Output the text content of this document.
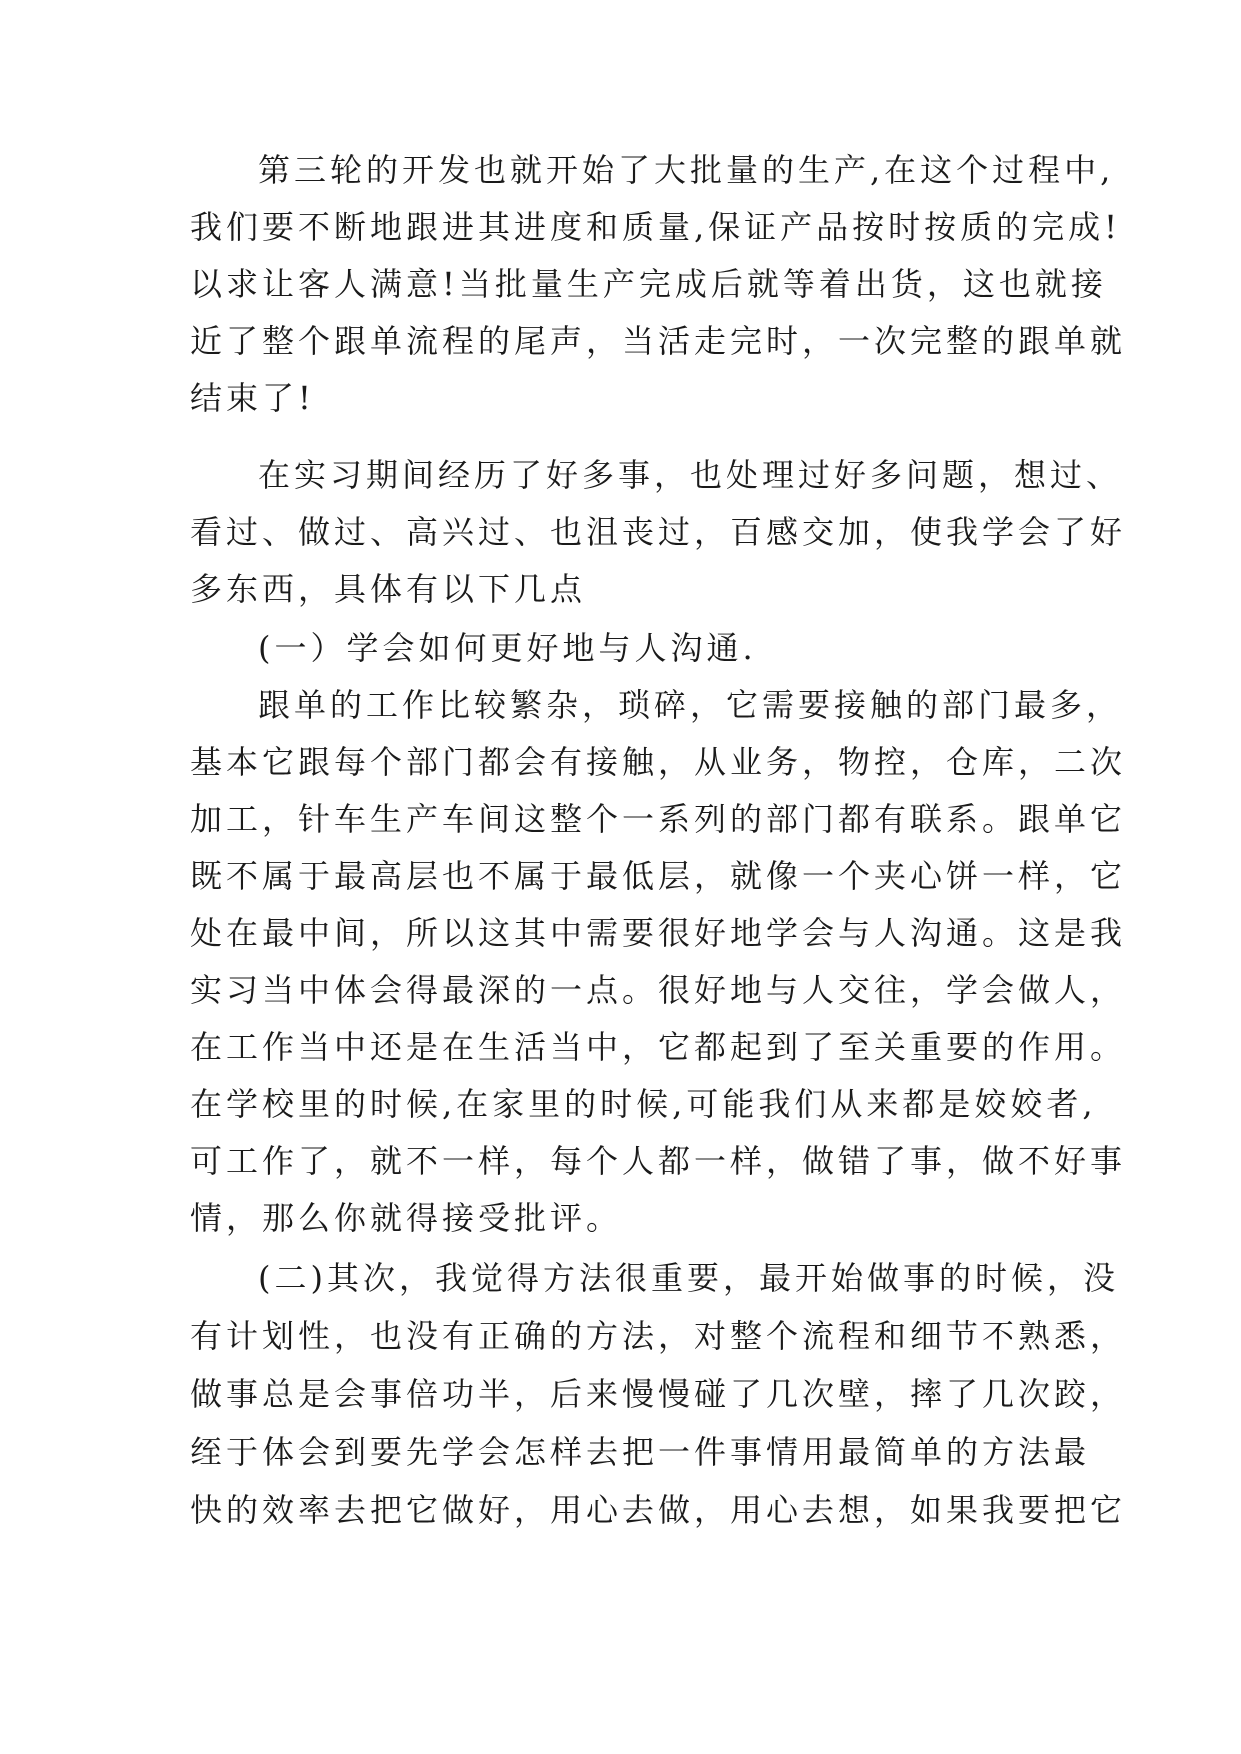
第三轮的开发也就开始了大批量的生产,在这个过程中,

我们要不断地跟进其进度和质量,保证产品按时按质的完成!

以求让客人满意!当批量生产完成后就等着出货，这也就接

近了整个跟单流程的尾声，当活走完时，一次完整的跟单就

结束了!

在实习期间经历了好多事，也处理过好多问题，想过、

看过、做过、高兴过、也沮丧过，百感交加，使我学会了好

多东西，具体有以下几点

(一）学会如何更好地与人沟通.

跟单的工作比较繁杂，琐碎，它需要接触的部门最多，

基本它跟每个部门都会有接触，从业务，物控，仓库，二次

加工，针车生产车间这整个一系列的部门都有联系。跟单它

既不属于最高层也不属于最低层，就像一个夹心饼一样，它

处在最中间，所以这其中需要很好地学会与人沟通。这是我

实习当中体会得最深的一点。很好地与人交往，学会做人，

在工作当中还是在生活当中，它都起到了至关重要的作用。

在学校里的时候,在家里的时候,可能我们从来都是姣姣者,

可工作了，就不一样，每个人都一样，做错了事，做不好事

情，那么你就得接受批评。

(二)其次，我觉得方法很重要，最开始做事的时候，没

有计划性，也没有正确的方法，对整个流程和细节不熟悉，

做事总是会事倍功半，后来慢慢碰了几次壁，摔了几次跤，

绖于体会到要先学会怎样去把一件事情用最简单的方法最

快的效率去把它做好，用心去做，用心去想，如果我要把它
